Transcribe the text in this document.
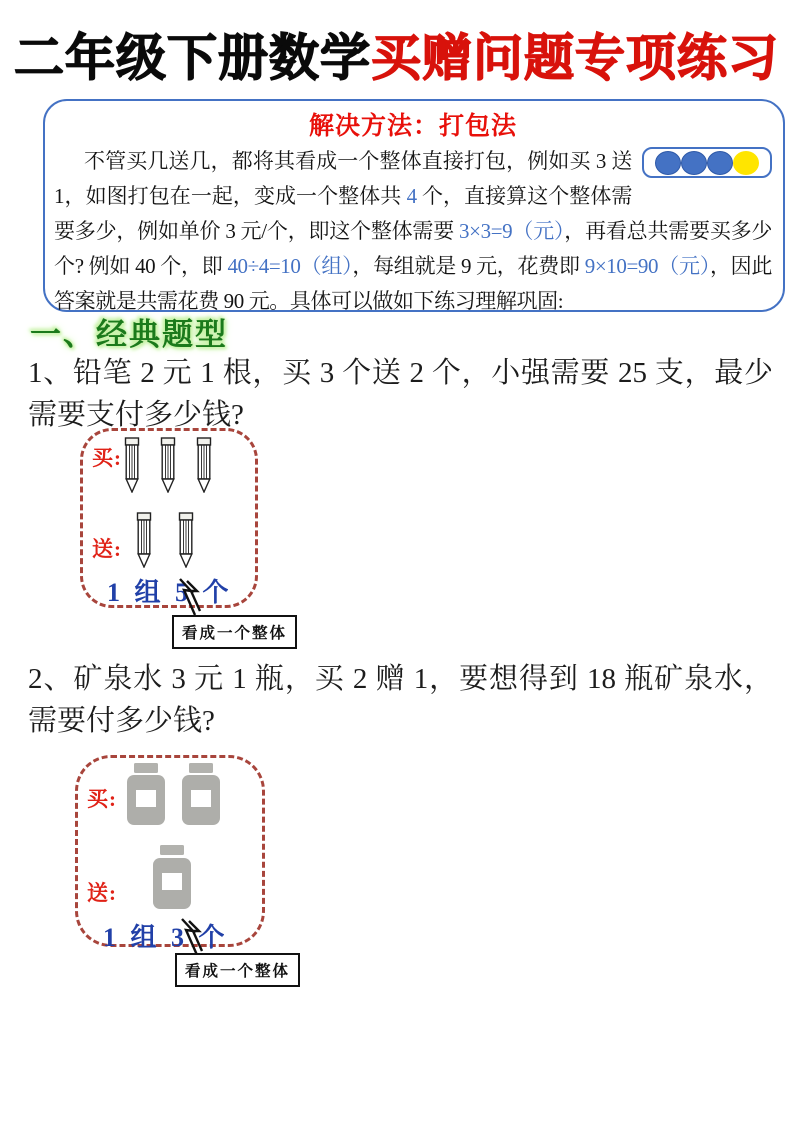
二年级下册数学买赠问题专项练习
解决方法：打包法
不管买几送几，都将其看成一个整体直接打包，例如买 3 送 1，如图打包在一起，变成一个整体共 4 个，直接算这个整体需要多少，例如单价 3 元/个，即这个整体需要 3×3=9（元），再看总共需要买多少个? 例如 40 个，即 40÷4=10（组），每组就是 9 元，花费即 9×10=90（元），因此答案就是共需花费 90 元。具体可以做如下练习理解巩固:
一、经典题型
1、铅笔 2 元 1 根，买 3 个送 2 个，小强需要 25 支，最少需要支付多少钱?
买:
送:
1 组 5 个
看成一个整体
2、矿泉水 3 元 1 瓶，买 2 赠 1，要想得到 18 瓶矿泉水，需要付多少钱?
买:
送:
1 组 3 个
看成一个整体
